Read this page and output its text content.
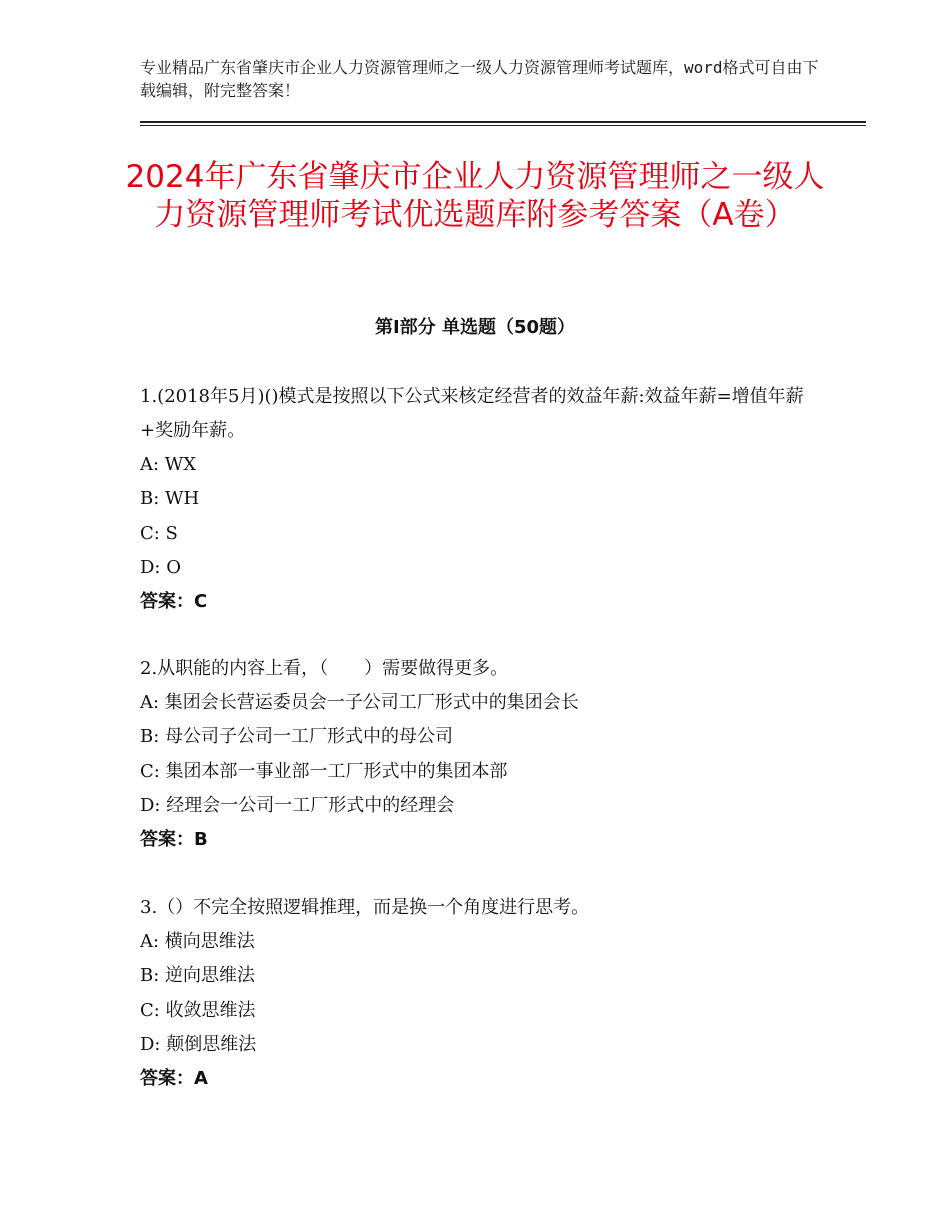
专业精品广东省肇庆市企业人力资源管理师之一级人力资源管理师考试题库，word格式可自由下载编辑，附完整答案！
2024年广东省肇庆市企业人力资源管理师之一级人力资源管理师考试优选题库附参考答案（A卷）
第Ⅰ部分 单选题（50题）

1.(2018年5月)()模式是按照以下公式来核定经营者的效益年薪:效益年薪=增值年薪+奖励年薪。

A: WX

B: WH

C: S

D: O

答案：C

2.从职能的内容上看，（　　）需要做得更多。

A: 集团会长营运委员会一子公司工厂形式中的集团会长

B: 母公司子公司一工厂形式中的母公司

C: 集团本部一事业部一工厂形式中的集团本部

D: 经理会一公司一工厂形式中的经理会

答案：B

3.（）不完全按照逻辑推理，而是换一个角度进行思考。

A: 横向思维法

B: 逆向思维法

C: 收敛思维法

D: 颠倒思维法

答案：A
